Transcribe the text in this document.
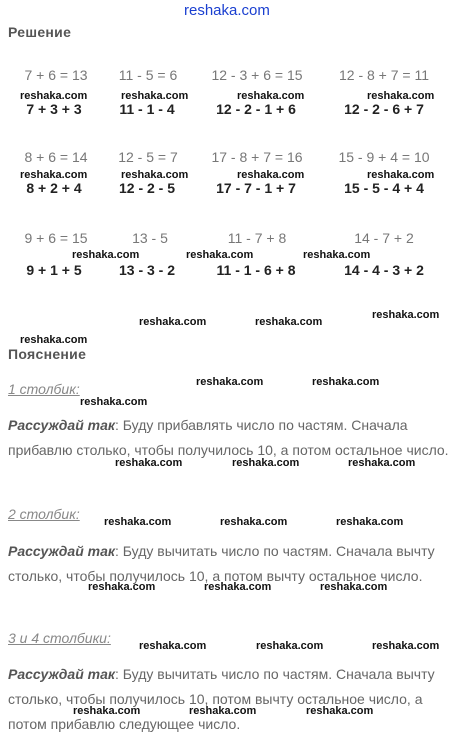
reshaka.com
Решение
7 + 6 = 13	11 - 5 = 6	12 - 3 + 6 = 15	12 - 8 + 7 = 11
reshaka.com	reshaka.com	reshaka.com	reshaka.com
7 + 3 + 3	11 - 1 - 4	12 - 2 - 1 + 6	12 - 2 - 6 + 7
8 + 6 = 14	12 - 5 = 7	17 - 8 + 7 = 16	15 - 9 + 4 = 10
reshaka.com	reshaka.com	reshaka.com	reshaka.com
8 + 2 + 4	12 - 2 - 5	17 - 7 - 1 + 7	15 - 5 - 4 + 4
9 + 6 = 15	13 - 5	11 - 7 + 8	14 - 7 + 2
reshaka.com	reshaka.com	reshaka.com
9 + 1 + 5	13 - 3 - 2	11 - 1 - 6 + 8	14 - 4 - 3 + 2
reshaka.com	reshaka.com
reshaka.com
reshaka.com
Пояснение
1 столбик:	reshaka.com	reshaka.com
reshaka.com
Рассуждай так: Буду прибавлять число по частям. Сначала прибавлю столько, чтобы получилось 10, а потом остальное число.
reshaka.com	reshaka.com	reshaka.com
2 столбик: reshaka.com	reshaka.com	reshaka.com
Рассуждай так: Буду вычитать число по частям. Сначала вычту столько, чтобы получилось 10, а потом вычту остальное число.
reshaka.com	reshaka.com	reshaka.com
3 и 4 столбики:	reshaka.com	reshaka.com	reshaka.com
Рассуждай так: Буду вычитать число по частям. Сначала вычту столько, чтобы получилось 10, потом вычту остальное число, а потом прибавлю следующее число.
reshaka.com	reshaka.com	reshaka.com
